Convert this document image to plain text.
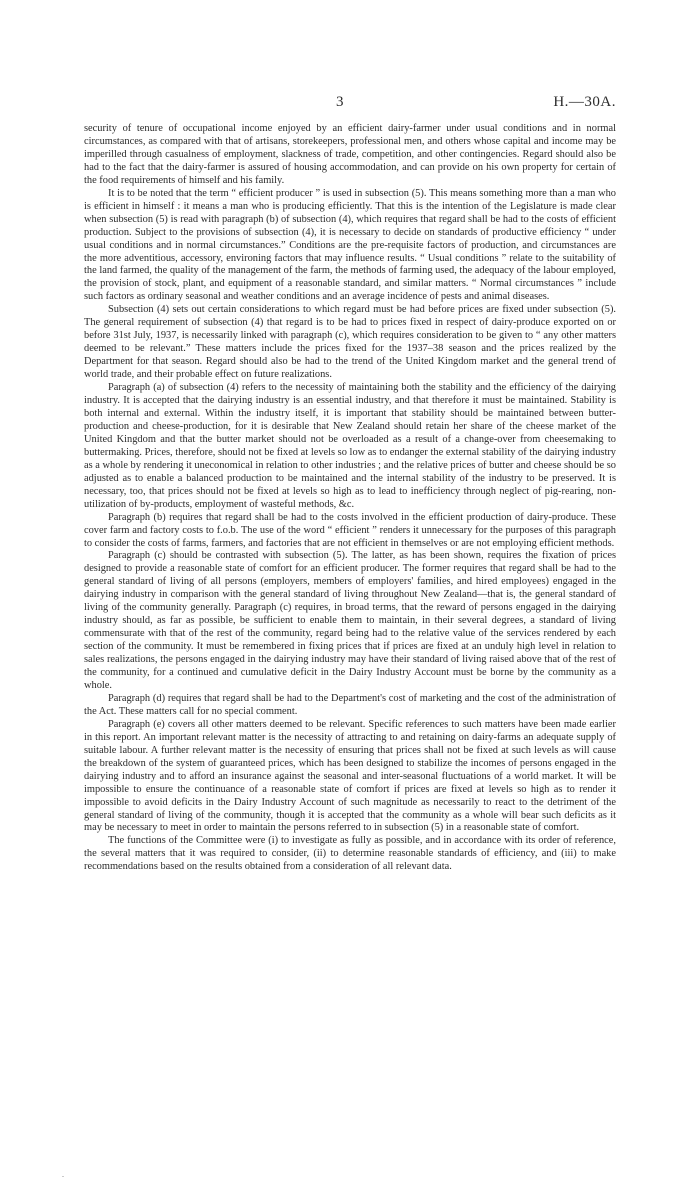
3	H.—30A.

security of tenure of occupational income enjoyed by an efficient dairy-farmer under usual conditions and in normal circumstances, as compared with that of artisans, storekeepers, professional men, and others whose capital and income may be imperilled through casualness of employment, slackness of trade, competition, and other contingencies. Regard should also be had to the fact that the dairy-farmer is assured of housing accommodation, and can provide on his own property for certain of the food requirements of himself and his family.

It is to be noted that the term “ efficient producer ” is used in subsection (5). This means something more than a man who is efficient in himself : it means a man who is producing efficiently. That this is the intention of the Legislature is made clear when subsection (5) is read with paragraph (b) of subsection (4), which requires that regard shall be had to the costs of efficient production. Subject to the provisions of subsection (4), it is necessary to decide on standards of productive efficiency “ under usual conditions and in normal circumstances.” Conditions are the pre-requisite factors of production, and circumstances are the more adventitious, accessory, environing factors that may influence results. “ Usual conditions ” relate to the suitability of the land farmed, the quality of the management of the farm, the methods of farming used, the adequacy of the labour employed, the provision of stock, plant, and equipment of a reasonable standard, and similar matters. “ Normal circumstances ” include such factors as ordinary seasonal and weather conditions and an average incidence of pests and animal diseases.

Subsection (4) sets out certain considerations to which regard must be had before prices are fixed under subsection (5). The general requirement of subsection (4) that regard is to be had to prices fixed in respect of dairy-produce exported on or before 31st July, 1937, is necessarily linked with paragraph (c), which requires consideration to be given to “ any other matters deemed to be relevant.” These matters include the prices fixed for the 1937–38 season and the prices realized by the Department for that season. Regard should also be had to the trend of the United Kingdom market and the general trend of world trade, and their probable effect on future realizations.

Paragraph (a) of subsection (4) refers to the necessity of maintaining both the stability and the efficiency of the dairying industry. It is accepted that the dairying industry is an essential industry, and that therefore it must be maintained. Stability is both internal and external. Within the industry itself, it is important that stability should be maintained between butter-production and cheese-production, for it is desirable that New Zealand should retain her share of the cheese market of the United Kingdom and that the butter market should not be overloaded as a result of a change-over from cheesemaking to buttermaking. Prices, therefore, should not be fixed at levels so low as to endanger the external stability of the dairying industry as a whole by rendering it uneconomical in relation to other industries ; and the relative prices of butter and cheese should be so adjusted as to enable a balanced production to be maintained and the internal stability of the industry to be preserved. It is necessary, too, that prices should not be fixed at levels so high as to lead to inefficiency through neglect of pig-rearing, non-utilization of by-products, employment of wasteful methods, &c.

Paragraph (b) requires that regard shall be had to the costs involved in the efficient production of dairy-produce. These cover farm and factory costs to f.o.b. The use of the word “ efficient ” renders it unnecessary for the purposes of this paragraph to consider the costs of farms, farmers, and factories that are not efficient in themselves or are not employing efficient methods.

Paragraph (c) should be contrasted with subsection (5). The latter, as has been shown, requires the fixation of prices designed to provide a reasonable state of comfort for an efficient producer. The former requires that regard shall be had to the general standard of living of all persons (employers, members of employers' families, and hired employees) engaged in the dairying industry in comparison with the general standard of living throughout New Zealand—that is, the general standard of living of the community generally. Paragraph (c) requires, in broad terms, that the reward of persons engaged in the dairying industry should, as far as possible, be sufficient to enable them to maintain, in their several degrees, a standard of living commensurate with that of the rest of the community, regard being had to the relative value of the services rendered by each section of the community. It must be remembered in fixing prices that if prices are fixed at an unduly high level in relation to sales realizations, the persons engaged in the dairying industry may have their standard of living raised above that of the rest of the community, for a continued and cumulative deficit in the Dairy Industry Account must be borne by the community as a whole.

Paragraph (d) requires that regard shall be had to the Department's cost of marketing and the cost of the administration of the Act. These matters call for no special comment.

Paragraph (e) covers all other matters deemed to be relevant. Specific references to such matters have been made earlier in this report. An important relevant matter is the necessity of attracting to and retaining on dairy-farms an adequate supply of suitable labour. A further relevant matter is the necessity of ensuring that prices shall not be fixed at such levels as will cause the breakdown of the system of guaranteed prices, which has been designed to stabilize the incomes of persons engaged in the dairying industry and to afford an insurance against the seasonal and inter-seasonal fluctuations of a world market. It will be impossible to ensure the continuance of a reasonable state of comfort if prices are fixed at levels so high as to render it impossible to avoid deficits in the Dairy Industry Account of such magnitude as necessarily to react to the detriment of the general standard of living of the community, though it is accepted that the community as a whole will bear such deficits as it may be necessary to meet in order to maintain the persons referred to in subsection (5) in a reasonable state of comfort.

The functions of the Committee were (i) to investigate as fully as possible, and in accordance with its order of reference, the several matters that it was required to consider, (ii) to determine reasonable standards of efficiency, and (iii) to make recommendations based on the results obtained from a consideration of all relevant data.

.
